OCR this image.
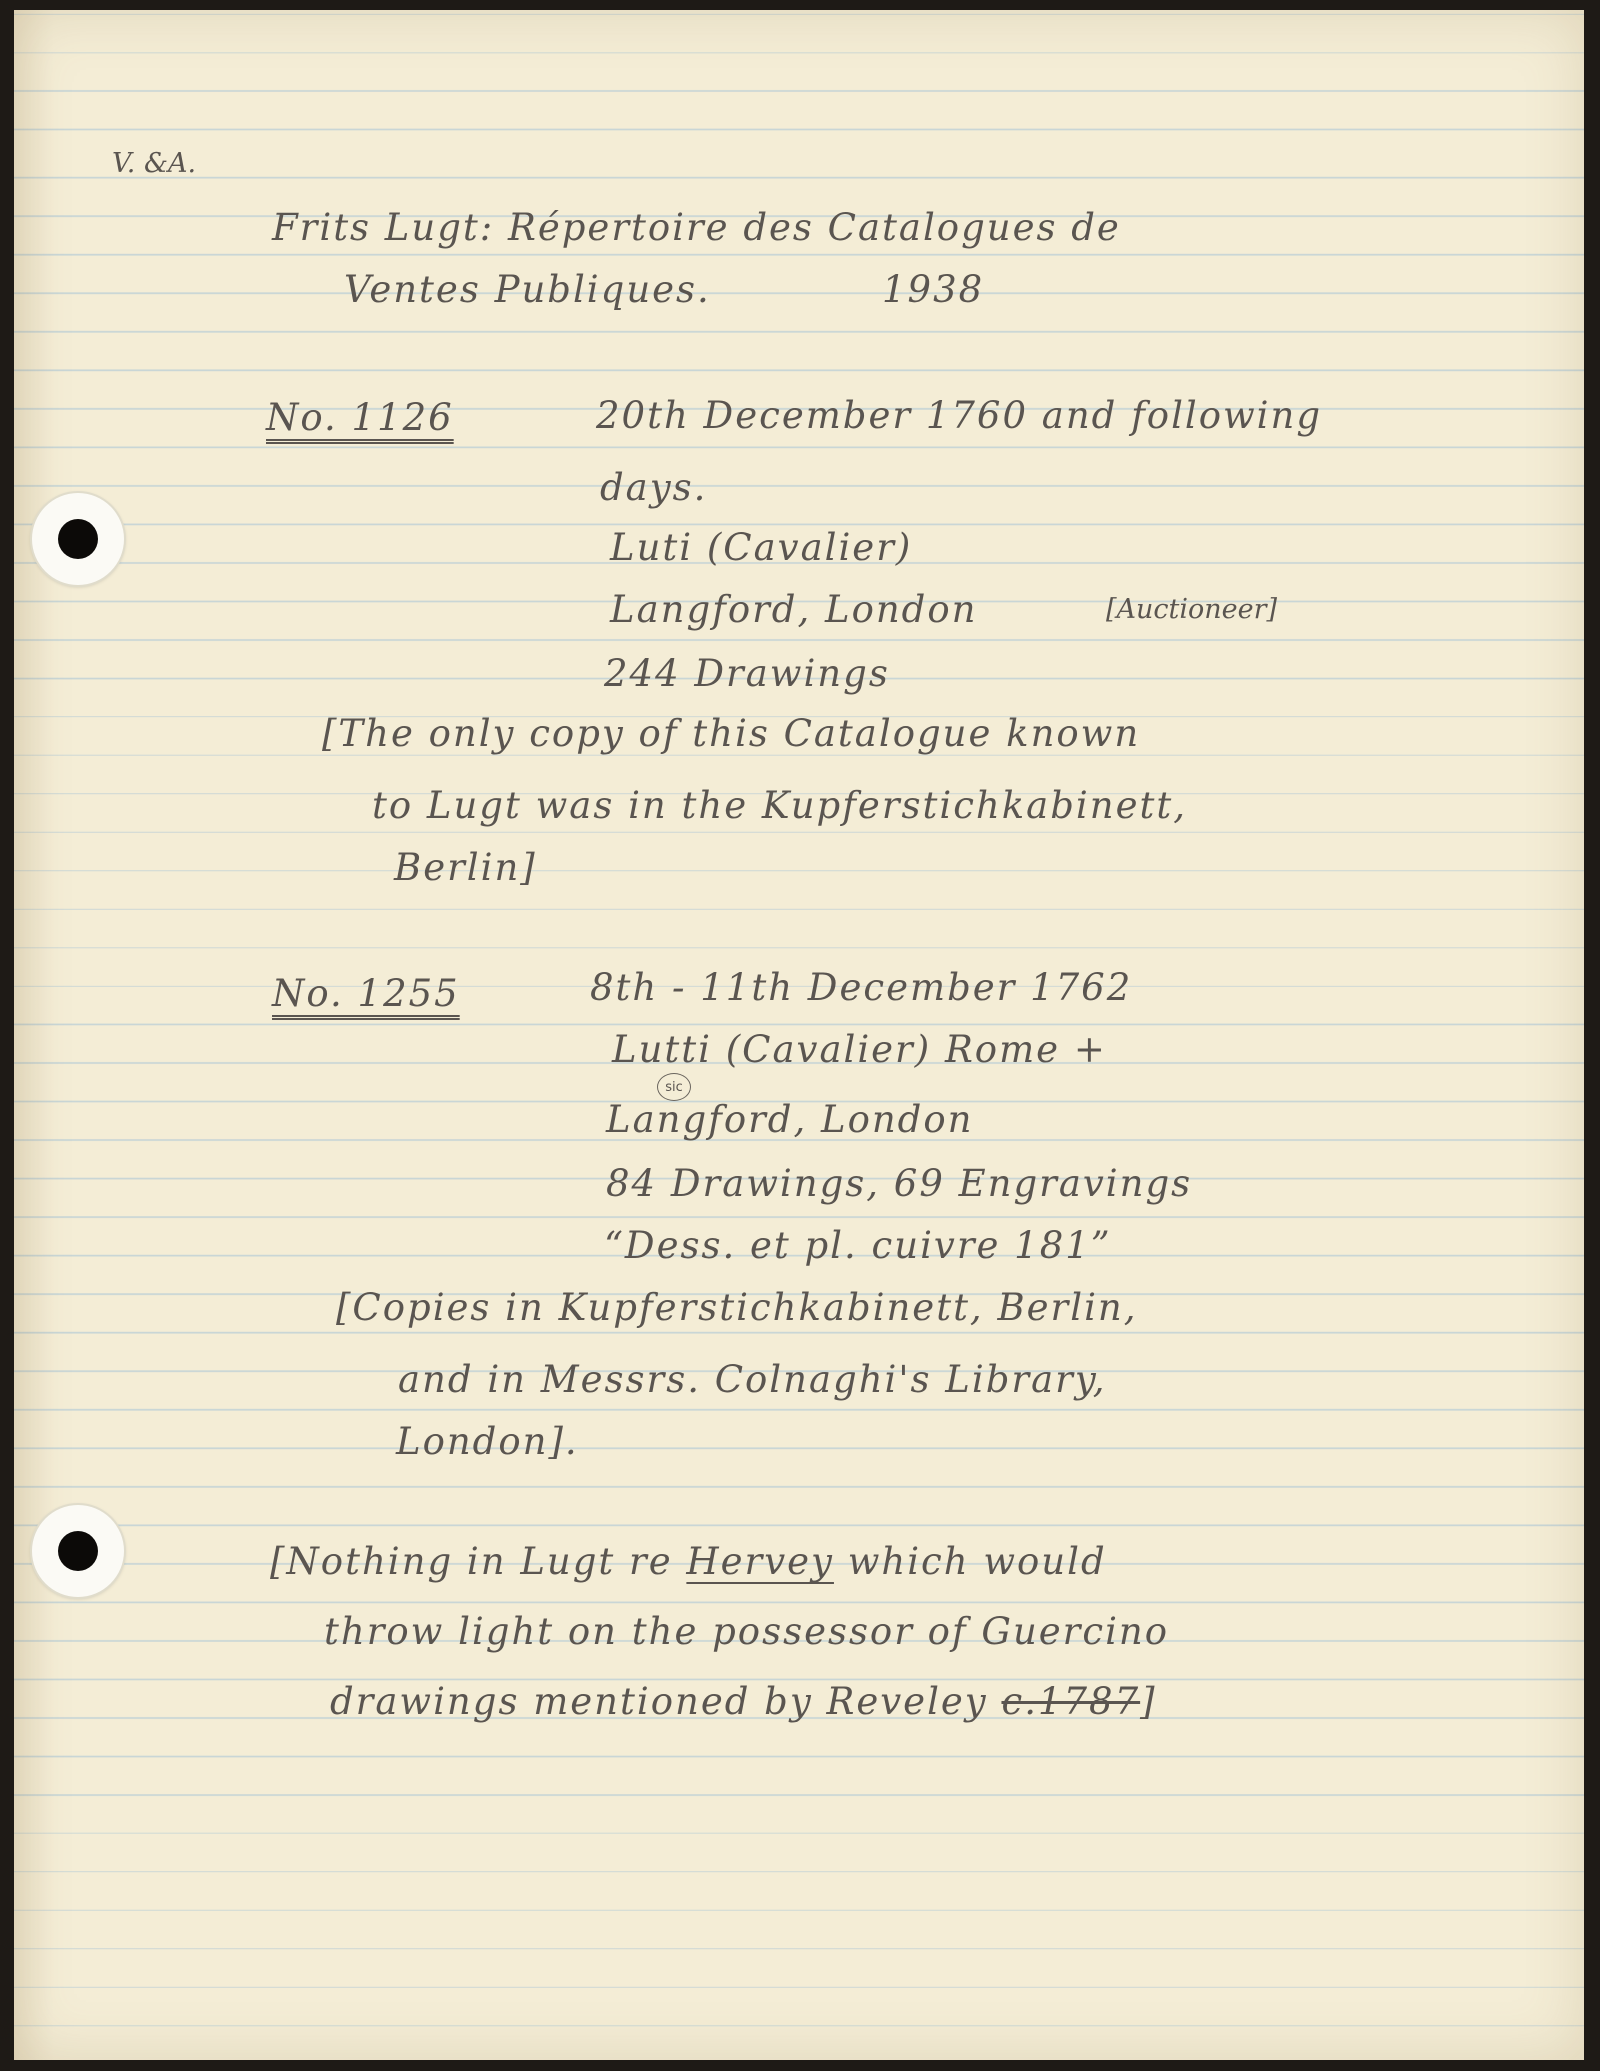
V. &A.

Frits Lugt: Répertoire des Catalogues de

Ventes Publiques.	1938

No. 1126	20th December 1760 and following

days.

Luti (Cavalier)

Langford, London	[Auctioneer]

244 Drawings

[The only copy of this Catalogue known

to Lugt was in the Kupferstichkabinett,

Berlin]

No. 1255	8th - 11th December 1762

Lutti (Cavalier) Rome +

sic

Langford, London

84 Drawings, 69 Engravings

“Dess. et pl. cuivre 181”

[Copies in Kupferstichkabinett, Berlin,

and in Messrs. Colnaghi's Library,

London].

[Nothing in Lugt re Hervey which would

throw light on the possessor of Guercino

drawings mentioned by Reveley c.1787]
